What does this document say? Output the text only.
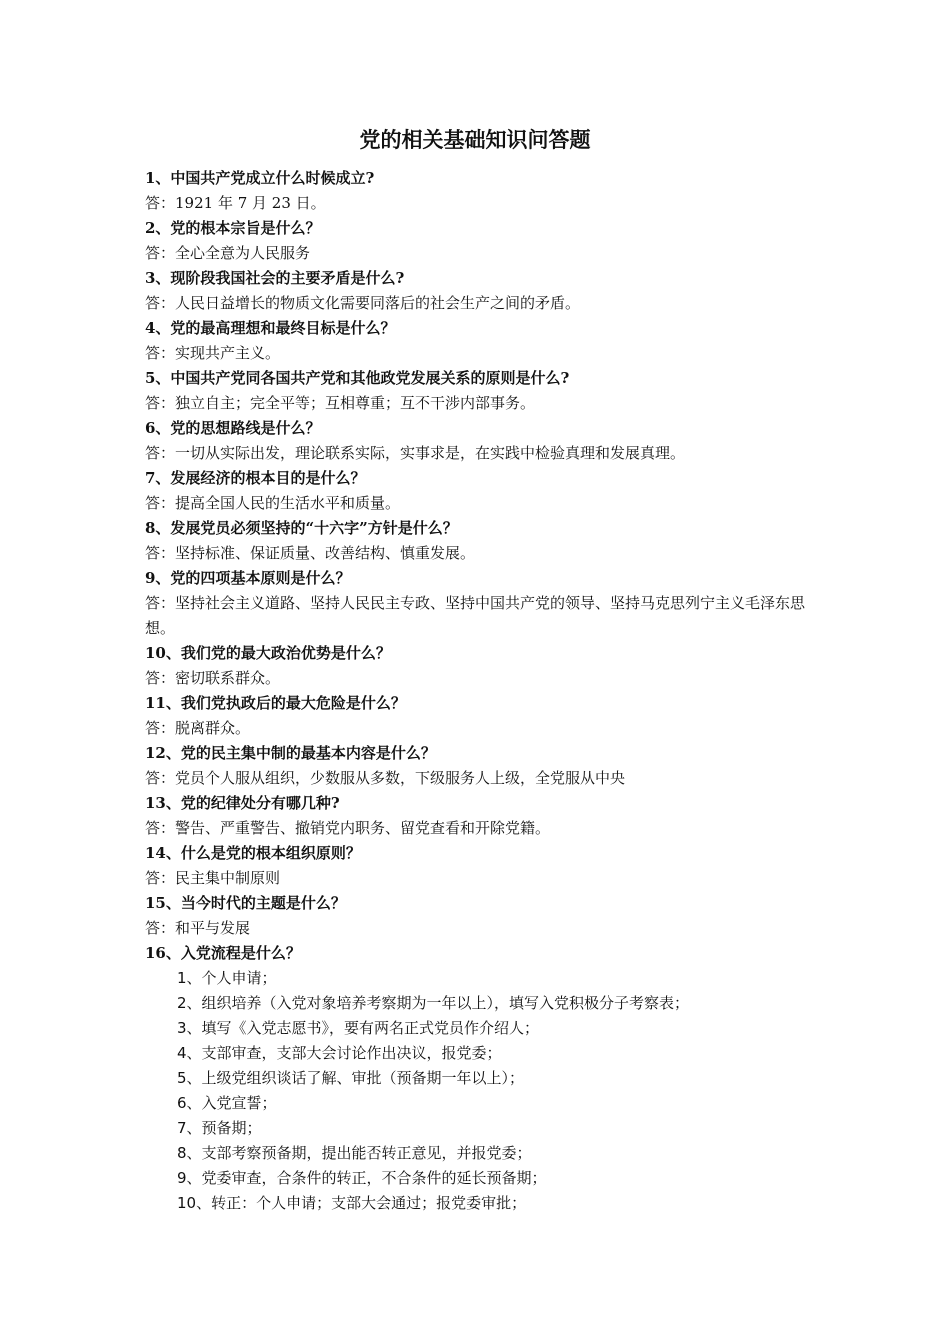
党的相关基础知识问答题
1、中国共产党成立什么时候成立?
答：1921 年 7 月 23 日。
2、党的根本宗旨是什么？
答：全心全意为人民服务
3、现阶段我国社会的主要矛盾是什么?
答：人民日益增长的物质文化需要同落后的社会生产之间的矛盾。
4、党的最高理想和最终目标是什么？
答：实现共产主义。
5、中国共产党同各国共产党和其他政党发展关系的原则是什么?
答：独立自主；完全平等；互相尊重；互不干涉内部事务。
6、党的思想路线是什么？
答：一切从实际出发，理论联系实际，实事求是，在实践中检验真理和发展真理。
7、发展经济的根本目的是什么？
答：提高全国人民的生活水平和质量。
8、发展党员必须坚持的“十六字”方针是什么？
答：坚持标准、保证质量、改善结构、慎重发展。
9、党的四项基本原则是什么？
答：坚持社会主义道路、坚持人民民主专政、坚持中国共产党的领导、坚持马克思列宁主义毛泽东思想。
10、我们党的最大政治优势是什么？
答：密切联系群众。
11、我们党执政后的最大危险是什么？
答：脱离群众。
12、党的民主集中制的最基本内容是什么？
答：党员个人服从组织，少数服从多数，下级服务人上级，全党服从中央
13、党的纪律处分有哪几种?
答：警告、严重警告、撤销党内职务、留党查看和开除党籍。
14、什么是党的根本组织原则？
答：民主集中制原则
15、当今时代的主题是什么？
答：和平与发展
16、入党流程是什么？
1、个人申请；
2、组织培养（入党对象培养考察期为一年以上），填写入党积极分子考察表；
3、填写《入党志愿书》，要有两名正式党员作介绍人；
4、支部审查，支部大会讨论作出决议，报党委；
5、上级党组织谈话了解、审批（预备期一年以上）；
6、入党宣誓；
7、预备期；
8、支部考察预备期，提出能否转正意见，并报党委；
9、党委审查，合条件的转正，不合条件的延长预备期；
10、转正：个人申请；支部大会通过；报党委审批；
